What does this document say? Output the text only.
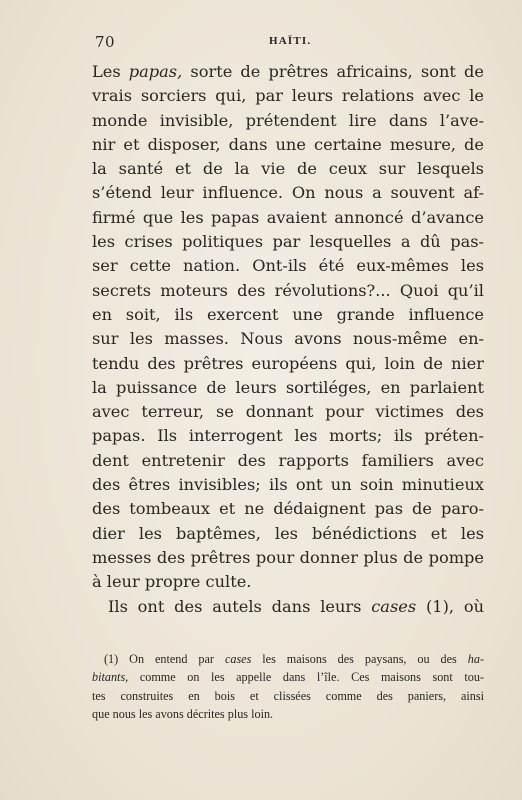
70	HAÏTI.
Les papas, sorte de prêtres africains, sont de
vrais sorciers qui, par leurs relations avec le
monde invisible, prétendent lire dans l’ave-
nir et disposer, dans une certaine mesure, de
la santé et de la vie de ceux sur lesquels
s’étend leur influence. On nous a souvent af-
firmé que les papas avaient annoncé d’avance
les crises politiques par lesquelles a dû pas-
ser cette nation. Ont-ils été eux-mêmes les
secrets moteurs des révolutions?... Quoi qu’il
en soit, ils exercent une grande influence
sur les masses. Nous avons nous-même en-
tendu des prêtres européens qui, loin de nier
la puissance de leurs sortiléges, en parlaient
avec terreur, se donnant pour victimes des
papas. Ils interrogent les morts; ils préten-
dent entretenir des rapports familiers avec
des êtres invisibles; ils ont un soin minutieux
des tombeaux et ne dédaignent pas de paro-
dier les baptêmes, les bénédictions et les
messes des prêtres pour donner plus de pompe
à leur propre culte.
Ils ont des autels dans leurs cases (1), où
(1) On entend par cases les maisons des paysans, ou des ha-
bitants, comme on les appelle dans l’île. Ces maisons sont tou-
tes construites en bois et clissées comme des paniers, ainsi
que nous les avons décrites plus loin.
